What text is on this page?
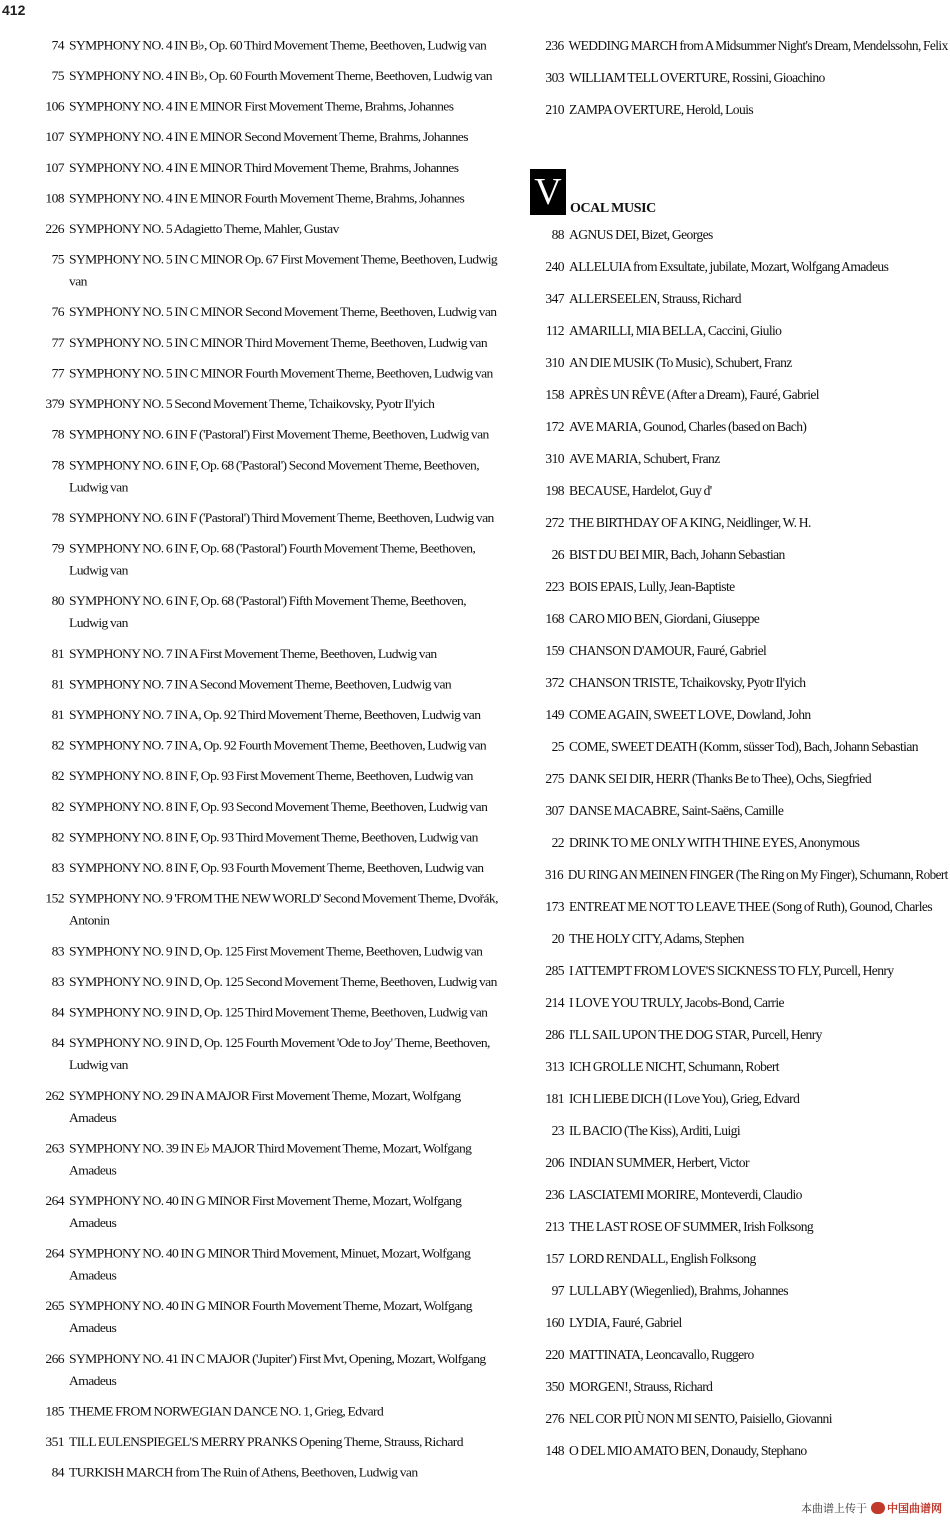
412
74 SYMPHONY NO. 4 IN B♭, Op. 60 Third Movement Theme, Beethoven, Ludwig van
75 SYMPHONY NO. 4 IN B♭, Op. 60 Fourth Movement Theme, Beethoven, Ludwig van
106 SYMPHONY NO. 4 IN E MINOR First Movement Theme, Brahms, Johannes
107 SYMPHONY NO. 4 IN E MINOR Second Movement Theme, Brahms, Johannes
107 SYMPHONY NO. 4 IN E MINOR Third Movement Theme, Brahms, Johannes
108 SYMPHONY NO. 4 IN E MINOR Fourth Movement Theme, Brahms, Johannes
226 SYMPHONY NO. 5 Adagietto Theme, Mahler, Gustav
75 SYMPHONY NO. 5 IN C MINOR Op. 67 First Movement Theme, Beethoven, Ludwig van
76 SYMPHONY NO. 5 IN C MINOR Second Movement Theme, Beethoven, Ludwig van
77 SYMPHONY NO. 5 IN C MINOR Third Movement Theme, Beethoven, Ludwig van
77 SYMPHONY NO. 5 IN C MINOR Fourth Movement Theme, Beethoven, Ludwig van
379 SYMPHONY NO. 5 Second Movement Theme, Tchaikovsky, Pyotr Il'yich
78 SYMPHONY NO. 6 IN F ('Pastoral') First Movement Theme, Beethoven, Ludwig van
78 SYMPHONY NO. 6 IN F, Op. 68 ('Pastoral') Second Movement Theme, Beethoven, Ludwig van
78 SYMPHONY NO. 6 IN F ('Pastoral') Third Movement Theme, Beethoven, Ludwig van
79 SYMPHONY NO. 6 IN F, Op. 68 ('Pastoral') Fourth Movement Theme, Beethoven, Ludwig van
80 SYMPHONY NO. 6 IN F, Op. 68 ('Pastoral') Fifth Movement Theme, Beethoven, Ludwig van
81 SYMPHONY NO. 7 IN A First Movement Theme, Beethoven, Ludwig van
81 SYMPHONY NO. 7 IN A Second Movement Theme, Beethoven, Ludwig van
81 SYMPHONY NO. 7 IN A, Op. 92 Third Movement Theme, Beethoven, Ludwig van
82 SYMPHONY NO. 7 IN A, Op. 92 Fourth Movement Theme, Beethoven, Ludwig van
82 SYMPHONY NO. 8 IN F, Op. 93 First Movement Theme, Beethoven, Ludwig van
82 SYMPHONY NO. 8 IN F, Op. 93 Second Movement Theme, Beethoven, Ludwig van
82 SYMPHONY NO. 8 IN F, Op. 93 Third Movement Theme, Beethoven, Ludwig van
83 SYMPHONY NO. 8 IN F, Op. 93 Fourth Movement Theme, Beethoven, Ludwig van
152 SYMPHONY NO. 9 'FROM THE NEW WORLD' Second Movement Theme, Dvořák, Antonin
83 SYMPHONY NO. 9 IN D, Op. 125 First Movement Theme, Beethoven, Ludwig van
83 SYMPHONY NO. 9 IN D, Op. 125 Second Movement Theme, Beethoven, Ludwig van
84 SYMPHONY NO. 9 IN D, Op. 125 Third Movement Theme, Beethoven, Ludwig van
84 SYMPHONY NO. 9 IN D, Op. 125 Fourth Movement 'Ode to Joy' Theme, Beethoven, Ludwig van
262 SYMPHONY NO. 29 IN A MAJOR First Movement Theme, Mozart, Wolfgang Amadeus
263 SYMPHONY NO. 39 IN E♭ MAJOR Third Movement Theme, Mozart, Wolfgang Amadeus
264 SYMPHONY NO. 40 IN G MINOR First Movement Theme, Mozart, Wolfgang Amadeus
264 SYMPHONY NO. 40 IN G MINOR Third Movement, Minuet, Mozart, Wolfgang Amadeus
265 SYMPHONY NO. 40 IN G MINOR Fourth Movement Theme, Mozart, Wolfgang Amadeus
266 SYMPHONY NO. 41 IN C MAJOR ('Jupiter') First Mvt, Opening, Mozart, Wolfgang Amadeus
185 THEME FROM NORWEGIAN DANCE NO. 1, Grieg, Edvard
351 TILL EULENSPIEGEL'S MERRY PRANKS Opening Theme, Strauss, Richard
84 TURKISH MARCH from The Ruin of Athens, Beethoven, Ludwig van
236 WEDDING MARCH from A Midsummer Night's Dream, Mendelssohn, Felix
303 WILLIAM TELL OVERTURE, Rossini, Gioachino
210 ZAMPA OVERTURE, Herold, Louis
V OCAL MUSIC
88 AGNUS DEI, Bizet, Georges
240 ALLELUIA from Exsultate, jubilate, Mozart, Wolfgang Amadeus
347 ALLERSEELEN, Strauss, Richard
112 AMARILLI, MIA BELLA, Caccini, Giulio
310 AN DIE MUSIK (To Music), Schubert, Franz
158 APRÈS UN RÊVE (After a Dream), Fauré, Gabriel
172 AVE MARIA, Gounod, Charles (based on Bach)
310 AVE MARIA, Schubert, Franz
198 BECAUSE, Hardelot, Guy d'
272 THE BIRTHDAY OF A KING, Neidlinger, W. H.
26 BIST DU BEI MIR, Bach, Johann Sebastian
223 BOIS EPAIS, Lully, Jean-Baptiste
168 CARO MIO BEN, Giordani, Giuseppe
159 CHANSON D'AMOUR, Fauré, Gabriel
372 CHANSON TRISTE, Tchaikovsky, Pyotr Il'yich
149 COME AGAIN, SWEET LOVE, Dowland, John
25 COME, SWEET DEATH (Komm, süsser Tod), Bach, Johann Sebastian
275 DANK SEI DIR, HERR (Thanks Be to Thee), Ochs, Siegfried
307 DANSE MACABRE, Saint-Saëns, Camille
22 DRINK TO ME ONLY WITH THINE EYES, Anonymous
316 DU RING AN MEINEN FINGER (The Ring on My Finger), Schumann, Robert
173 ENTREAT ME NOT TO LEAVE THEE (Song of Ruth), Gounod, Charles
20 THE HOLY CITY, Adams, Stephen
285 I ATTEMPT FROM LOVE'S SICKNESS TO FLY, Purcell, Henry
214 I LOVE YOU TRULY, Jacobs-Bond, Carrie
286 I'LL SAIL UPON THE DOG STAR, Purcell, Henry
313 ICH GROLLE NICHT, Schumann, Robert
181 ICH LIEBE DICH (I Love You), Grieg, Edvard
23 IL BACIO (The Kiss), Arditi, Luigi
206 INDIAN SUMMER, Herbert, Victor
236 LASCIATEMI MORIRE, Monteverdi, Claudio
213 THE LAST ROSE OF SUMMER, Irish Folksong
157 LORD RENDALL, English Folksong
97 LULLABY (Wiegenlied), Brahms, Johannes
160 LYDIA, Fauré, Gabriel
220 MATTINATA, Leoncavallo, Ruggero
350 MORGEN!, Strauss, Richard
276 NEL COR PIÙ NON MI SENTO, Paisiello, Giovanni
148 O DEL MIO AMATO BEN, Donaudy, Stephano
本曲谱上传于 中国曲谱网
